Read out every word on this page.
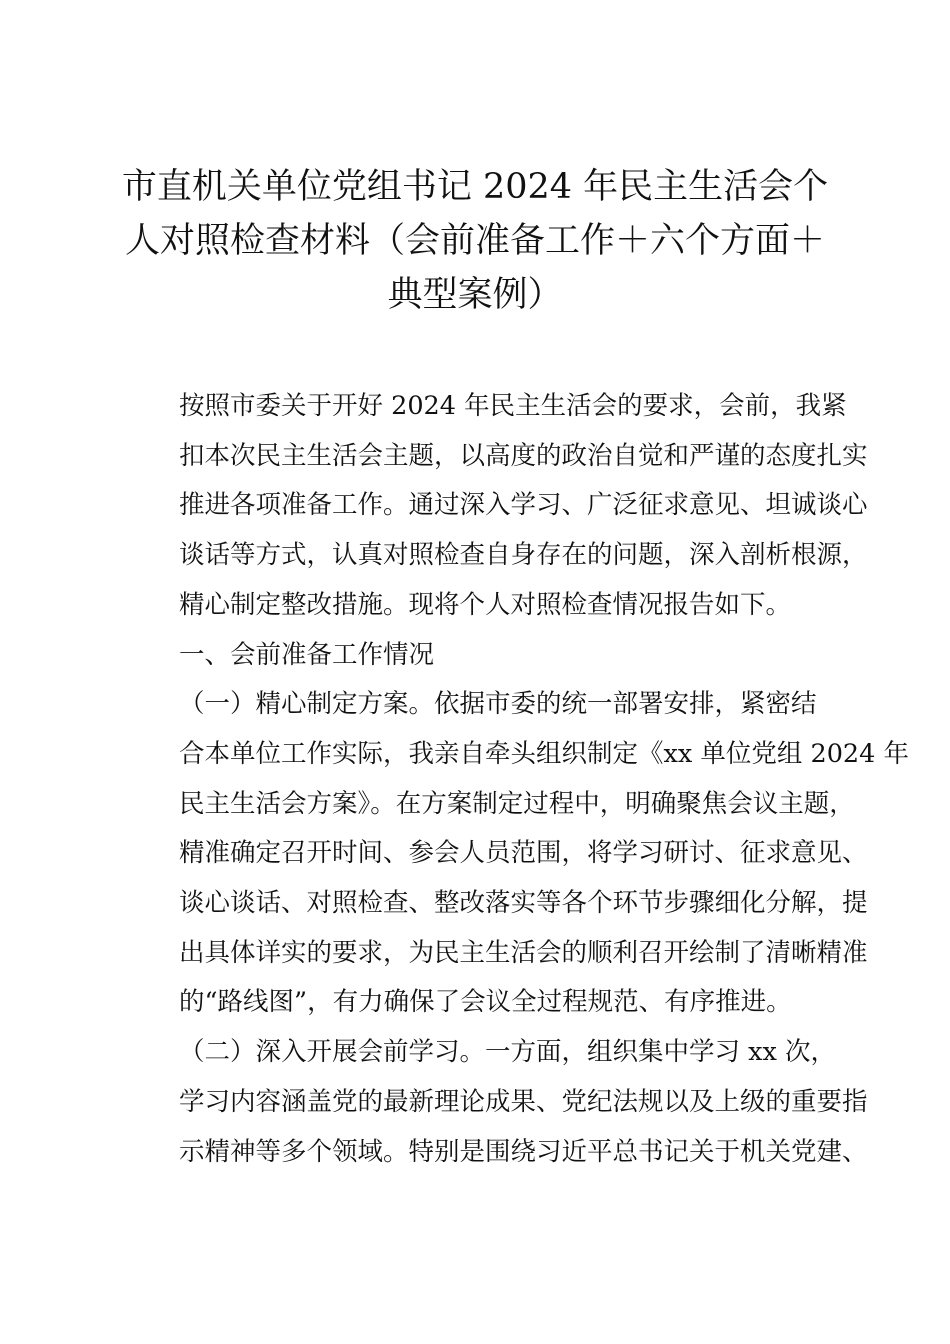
市直机关单位党组书记 2024 年民主生活会个
人对照检查材料（会前准备工作＋六个方面＋
典型案例）

按照市委关于开好 2024 年民主生活会的要求，会前，我紧
扣本次民主生活会主题，以高度的政治自觉和严谨的态度扎实
推进各项准备工作。通过深入学习、广泛征求意见、坦诚谈心
谈话等方式，认真对照检查自身存在的问题，深入剖析根源，
精心制定整改措施。现将个人对照检查情况报告如下。

一、会前准备工作情况

（一）精心制定方案。依据市委的统一部署安排，紧密结
合本单位工作实际，我亲自牵头组织制定《xx 单位党组 2024 年
民主生活会方案》。在方案制定过程中，明确聚焦会议主题，
精准确定召开时间、参会人员范围，将学习研讨、征求意见、
谈心谈话、对照检查、整改落实等各个环节步骤细化分解，提
出具体详实的要求，为民主生活会的顺利召开绘制了清晰精准
的“路线图”，有力确保了会议全过程规范、有序推进。

（二）深入开展会前学习。一方面，组织集中学习 xx 次，
学习内容涵盖党的最新理论成果、党纪法规以及上级的重要指
示精神等多个领域。特别是围绕习近平总书记关于机关党建、
